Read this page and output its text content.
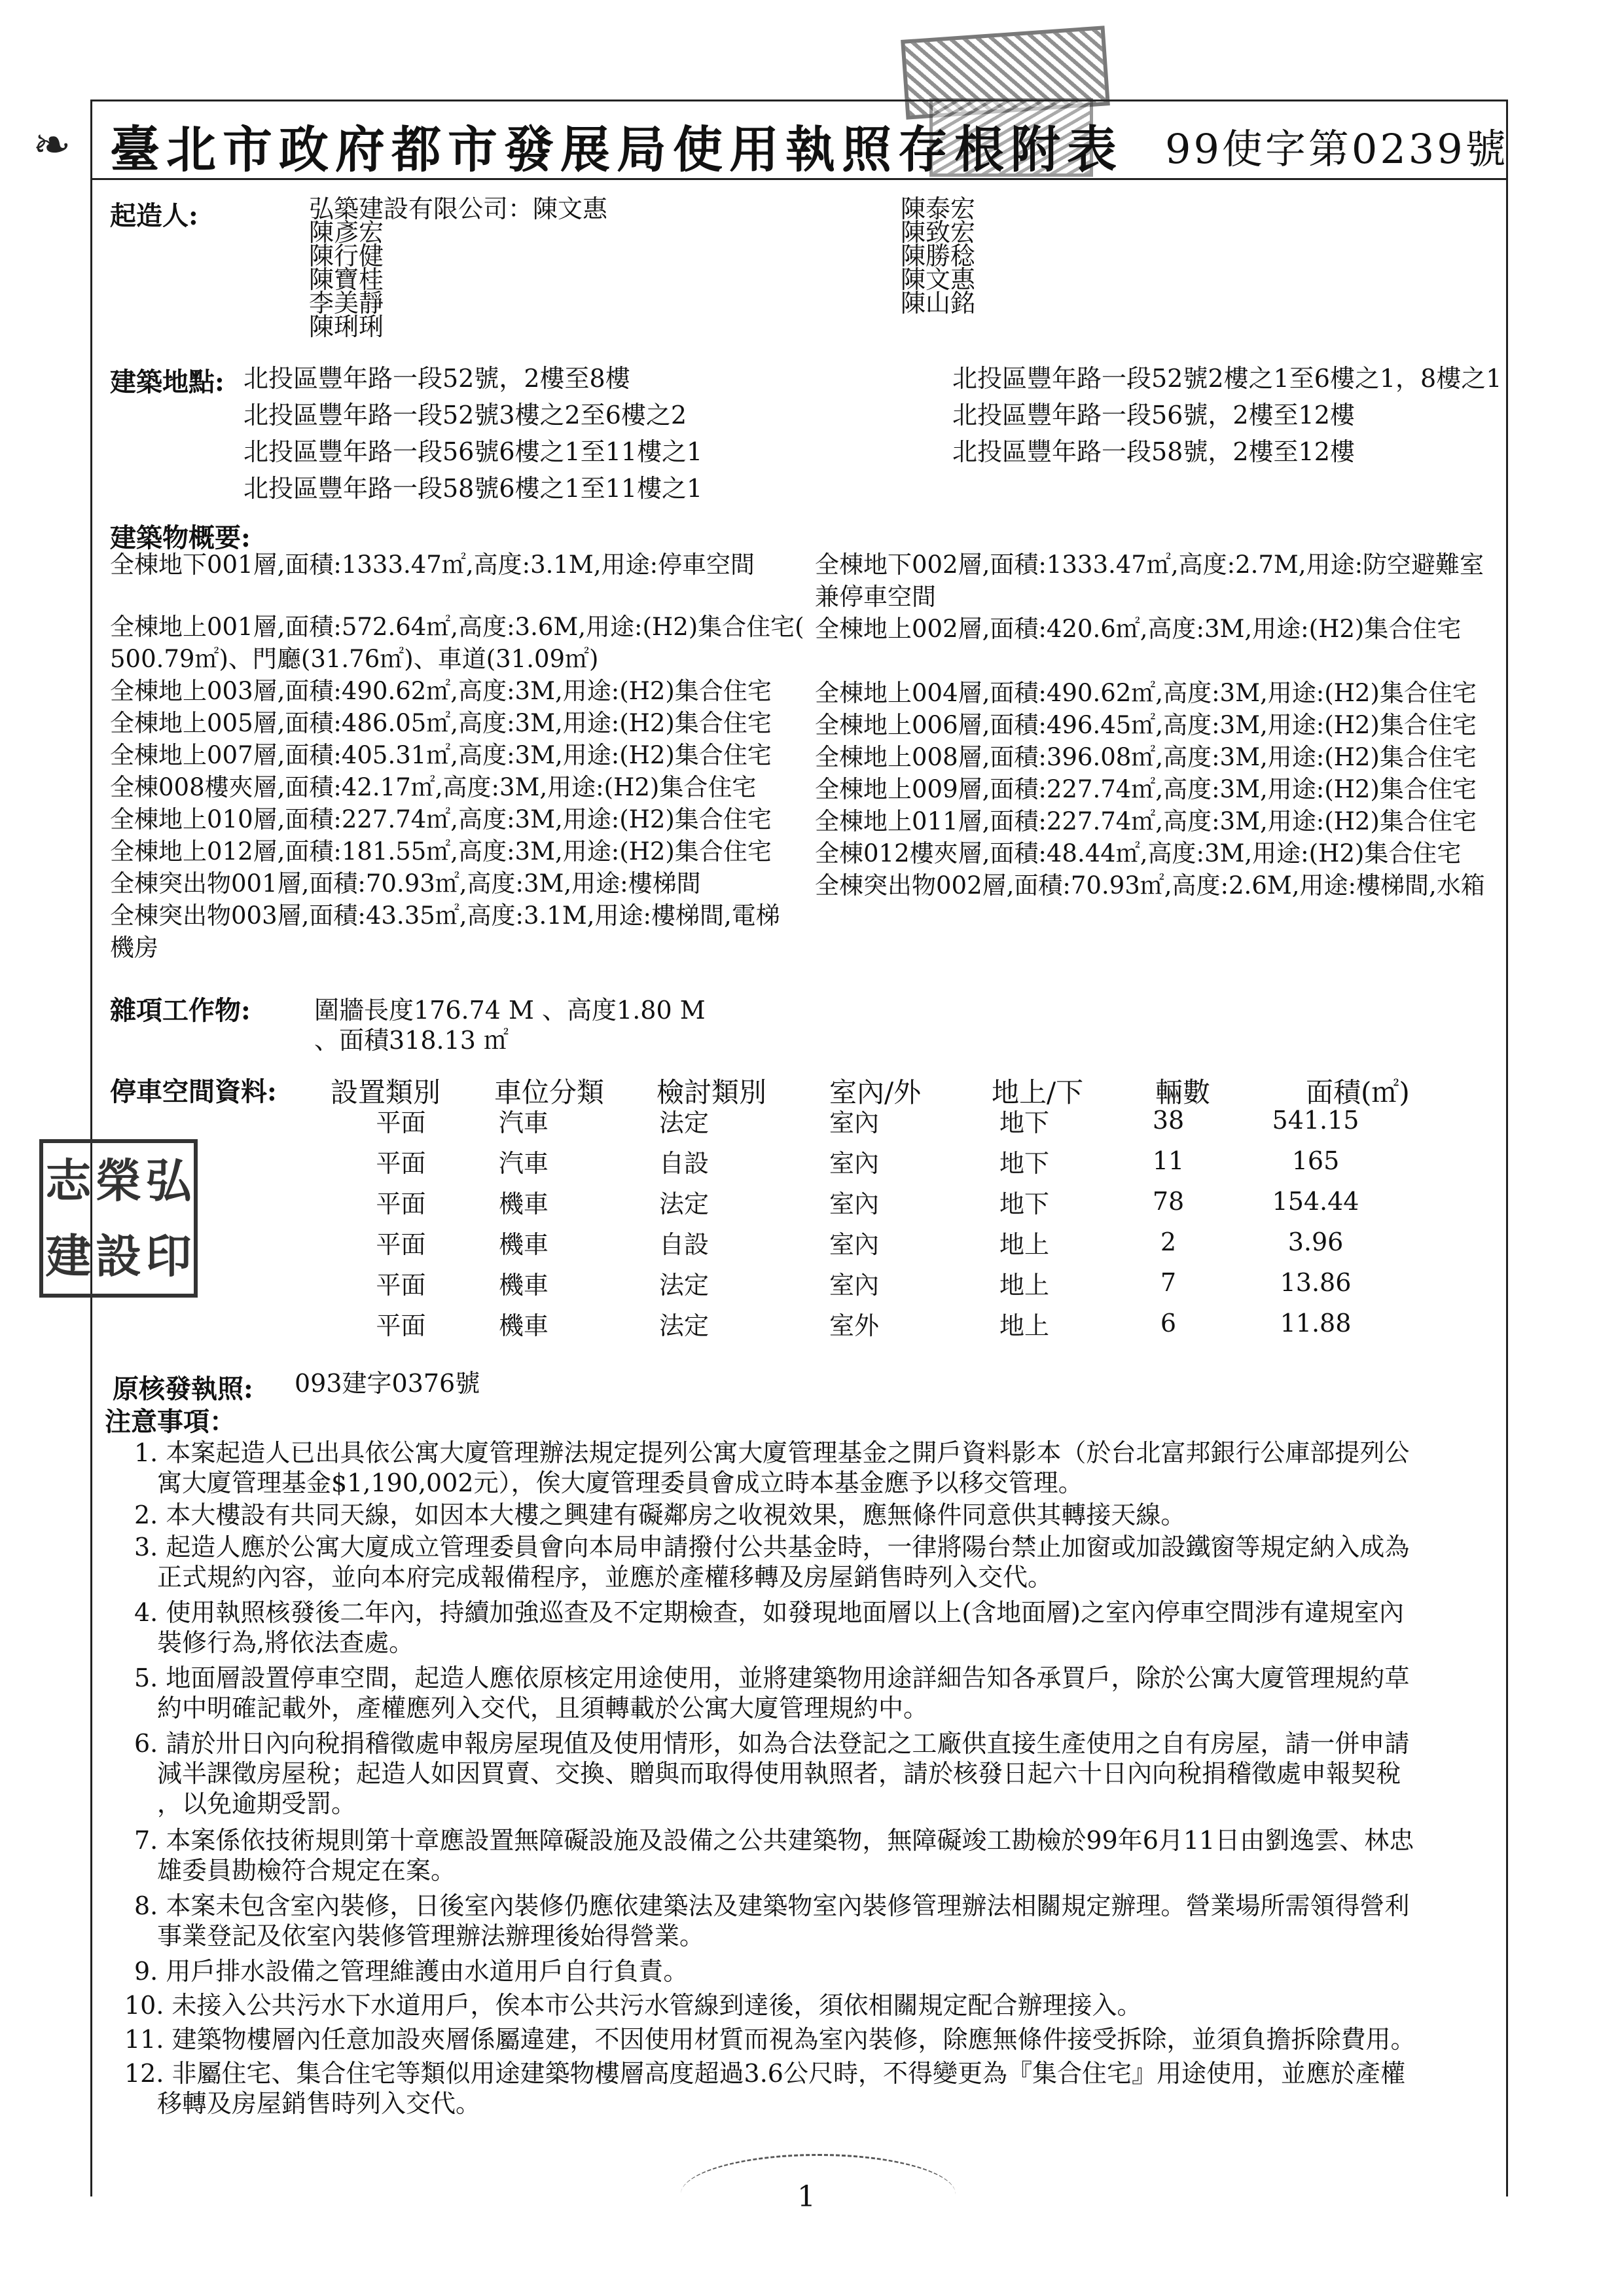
❧ 臺北市政府都市發展局使用執照存根附表 99使字第0239號
起造人:	弘築建設有限公司：陳文惠
陳彥宏
陳行健
陳寶桂
李美靜
陳琍琍
陳泰宏
陳致宏
陳勝稔
陳文惠
陳山銘
建築地點: 北投區豐年路一段52號，2樓至8樓
北投區豐年路一段52號3樓之2至6樓之2
北投區豐年路一段56號6樓之1至11樓之1
北投區豐年路一段58號6樓之1至11樓之1
北投區豐年路一段52號2樓之1至6樓之1，8樓之1
北投區豐年路一段56號，2樓至12樓
北投區豐年路一段58號，2樓至12樓
建築物概要:
全棟地下001層,面積:1333.47㎡,高度:3.1M,用途:停車空間
全棟地上001層,面積:572.64㎡,高度:3.6M,用途:(H2)集合住宅(
500.79㎡)、門廳(31.76㎡)、車道(31.09㎡)
全棟地上003層,面積:490.62㎡,高度:3M,用途:(H2)集合住宅
全棟地上005層,面積:486.05㎡,高度:3M,用途:(H2)集合住宅
全棟地上007層,面積:405.31㎡,高度:3M,用途:(H2)集合住宅
全棟008樓夾層,面積:42.17㎡,高度:3M,用途:(H2)集合住宅
全棟地上010層,面積:227.74㎡,高度:3M,用途:(H2)集合住宅
全棟地上012層,面積:181.55㎡,高度:3M,用途:(H2)集合住宅
全棟突出物001層,面積:70.93㎡,高度:3M,用途:樓梯間
全棟突出物003層,面積:43.35㎡,高度:3.1M,用途:樓梯間,電梯
機房
全棟地下002層,面積:1333.47㎡,高度:2.7M,用途:防空避難室
兼停車空間
全棟地上002層,面積:420.6㎡,高度:3M,用途:(H2)集合住宅
全棟地上004層,面積:490.62㎡,高度:3M,用途:(H2)集合住宅
全棟地上006層,面積:496.45㎡,高度:3M,用途:(H2)集合住宅
全棟地上008層,面積:396.08㎡,高度:3M,用途:(H2)集合住宅
全棟地上009層,面積:227.74㎡,高度:3M,用途:(H2)集合住宅
全棟地上011層,面積:227.74㎡,高度:3M,用途:(H2)集合住宅
全棟012樓夾層,面積:48.44㎡,高度:3M,用途:(H2)集合住宅
全棟突出物002層,面積:70.93㎡,高度:2.6M,用途:樓梯間,水箱
雜項工作物:	圍牆長度176.74 M 、高度1.80 M
、面積318.13 ㎡
停車空間資料: 設置類別 車位分類 檢討類別 室內/外	地上/下	輛數	面積(㎡)
平面	汽車	法定	室內	地下	38	541.15
平面	汽車	自設	室內	地下	11	165
平面	機車	法定	室內	地下	78	154.44
平面	機車	自設	室內	地上	2	3.96
平面	機車	法定	室內	地上	7	13.86
平面	機車	法定	室外	地上	6	11.88
志 榮 弘
建 設 印
原核發執照: 093建字0376號
注意事項：
1. 本案起造人已出具依公寓大廈管理辦法規定提列公寓大廈管理基金之開戶資料影本（於台北富邦銀行公庫部提列公
寓大廈管理基金$1,190,002元），俟大廈管理委員會成立時本基金應予以移交管理。
2. 本大樓設有共同天線，如因本大樓之興建有礙鄰房之收視效果，應無條件同意供其轉接天線。
3. 起造人應於公寓大廈成立管理委員會向本局申請撥付公共基金時，一律將陽台禁止加窗或加設鐵窗等規定納入成為
正式規約內容，並向本府完成報備程序，並應於產權移轉及房屋銷售時列入交代。
4. 使用執照核發後二年內，持續加強巡查及不定期檢查，如發現地面層以上(含地面層)之室內停車空間涉有違規室內
裝修行為,將依法查處。
5. 地面層設置停車空間，起造人應依原核定用途使用，並將建築物用途詳細告知各承買戶，除於公寓大廈管理規約草
約中明確記載外，產權應列入交代，且須轉載於公寓大廈管理規約中。
6. 請於卅日內向稅捐稽徵處申報房屋現值及使用情形，如為合法登記之工廠供直接生產使用之自有房屋，請一併申請
減半課徵房屋稅；起造人如因買賣、交換、贈與而取得使用執照者，請於核發日起六十日內向稅捐稽徵處申報契稅
，以免逾期受罰。
7. 本案係依技術規則第十章應設置無障礙設施及設備之公共建築物，無障礙竣工勘檢於99年6月11日由劉逸雲、林忠
雄委員勘檢符合規定在案。
8. 本案未包含室內裝修，日後室內裝修仍應依建築法及建築物室內裝修管理辦法相關規定辦理。營業場所需領得營利
事業登記及依室內裝修管理辦法辦理後始得營業。
9. 用戶排水設備之管理維護由水道用戶自行負責。
10. 未接入公共污水下水道用戶，俟本市公共污水管線到達後，須依相關規定配合辦理接入。
11. 建築物樓層內任意加設夾層係屬違建，不因使用材質而視為室內裝修，除應無條件接受拆除，並須負擔拆除費用。
12. 非屬住宅、集合住宅等類似用途建築物樓層高度超過3.6公尺時，不得變更為『集合住宅』用途使用，並應於產權
移轉及房屋銷售時列入交代。
1
